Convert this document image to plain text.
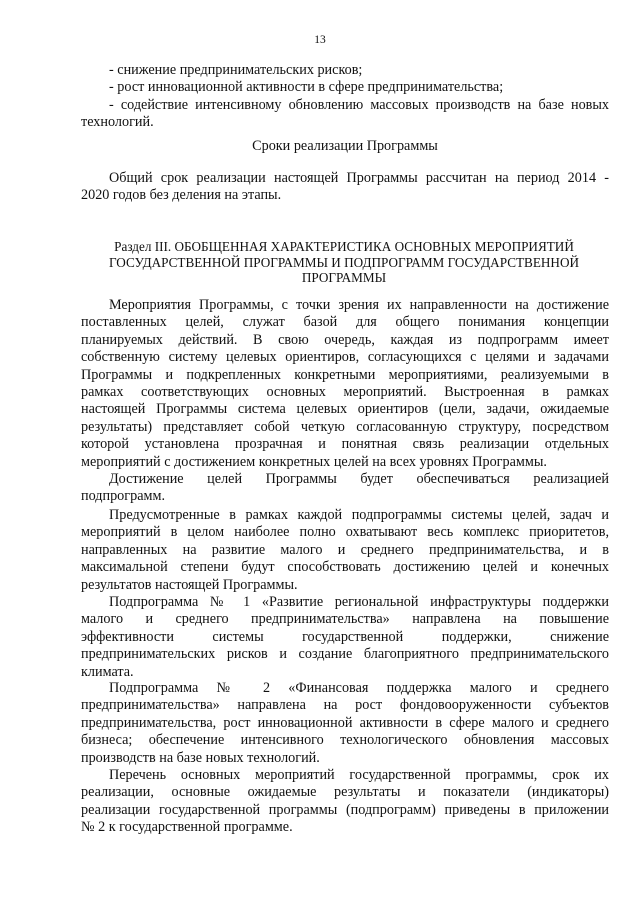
13
- снижение предпринимательских рисков;
- рост инновационной активности в сфере предпринимательства;
- содействие интенсивному обновлению массовых производств на базе новых
технологий.
Сроки реализации Программы
Общий срок реализации настоящей Программы рассчитан на период 2014 -
2020 годов без деления на этапы.
Раздел III. ОБОБЩЕННАЯ ХАРАКТЕРИСТИКА ОСНОВНЫХ МЕРОПРИЯТИЙ
ГОСУДАРСТВЕННОЙ ПРОГРАММЫ И ПОДПРОГРАММ ГОСУДАРСТВЕННОЙ
ПРОГРАММЫ
Мероприятия Программы, с точки зрения их направленности на достижение
поставленных целей, служат базой для общего понимания концепции
планируемых действий. В свою очередь, каждая из подпрограмм имеет
собственную систему целевых ориентиров, согласующихся с целями и задачами
Программы и подкрепленных конкретными мероприятиями, реализуемыми в
рамках соответствующих основных мероприятий. Выстроенная в рамках
настоящей Программы система целевых ориентиров (цели, задачи, ожидаемые
результаты) представляет собой четкую согласованную структуру, посредством
которой установлена прозрачная и понятная связь реализации отдельных
мероприятий с достижением конкретных целей на всех уровнях Программы.
Достижение целей Программы будет обеспечиваться реализацией
подпрограмм.
Предусмотренные в рамках каждой подпрограммы системы целей, задач и
мероприятий в целом наиболее полно охватывают весь комплекс приоритетов,
направленных на развитие малого и среднего предпринимательства, и в
максимальной степени будут способствовать достижению целей и конечных
результатов настоящей Программы.
Подпрограмма № 1 «Развитие региональной инфраструктуры поддержки
малого и среднего предпринимательства» направлена на повышение
эффективности системы государственной поддержки, снижение
предпринимательских рисков и создание благоприятного предпринимательского
климата.
Подпрограмма № 2 «Финансовая поддержка малого и среднего
предпринимательства» направлена на рост фондовооруженности субъектов
предпринимательства, рост инновационной активности в сфере малого и среднего
бизнеса; обеспечение интенсивного технологического обновления массовых
производств на базе новых технологий.
Перечень основных мероприятий государственной программы, срок их
реализации, основные ожидаемые результаты и показатели (индикаторы)
реализации государственной программы (подпрограмм) приведены в приложении
№ 2 к государственной программе.
